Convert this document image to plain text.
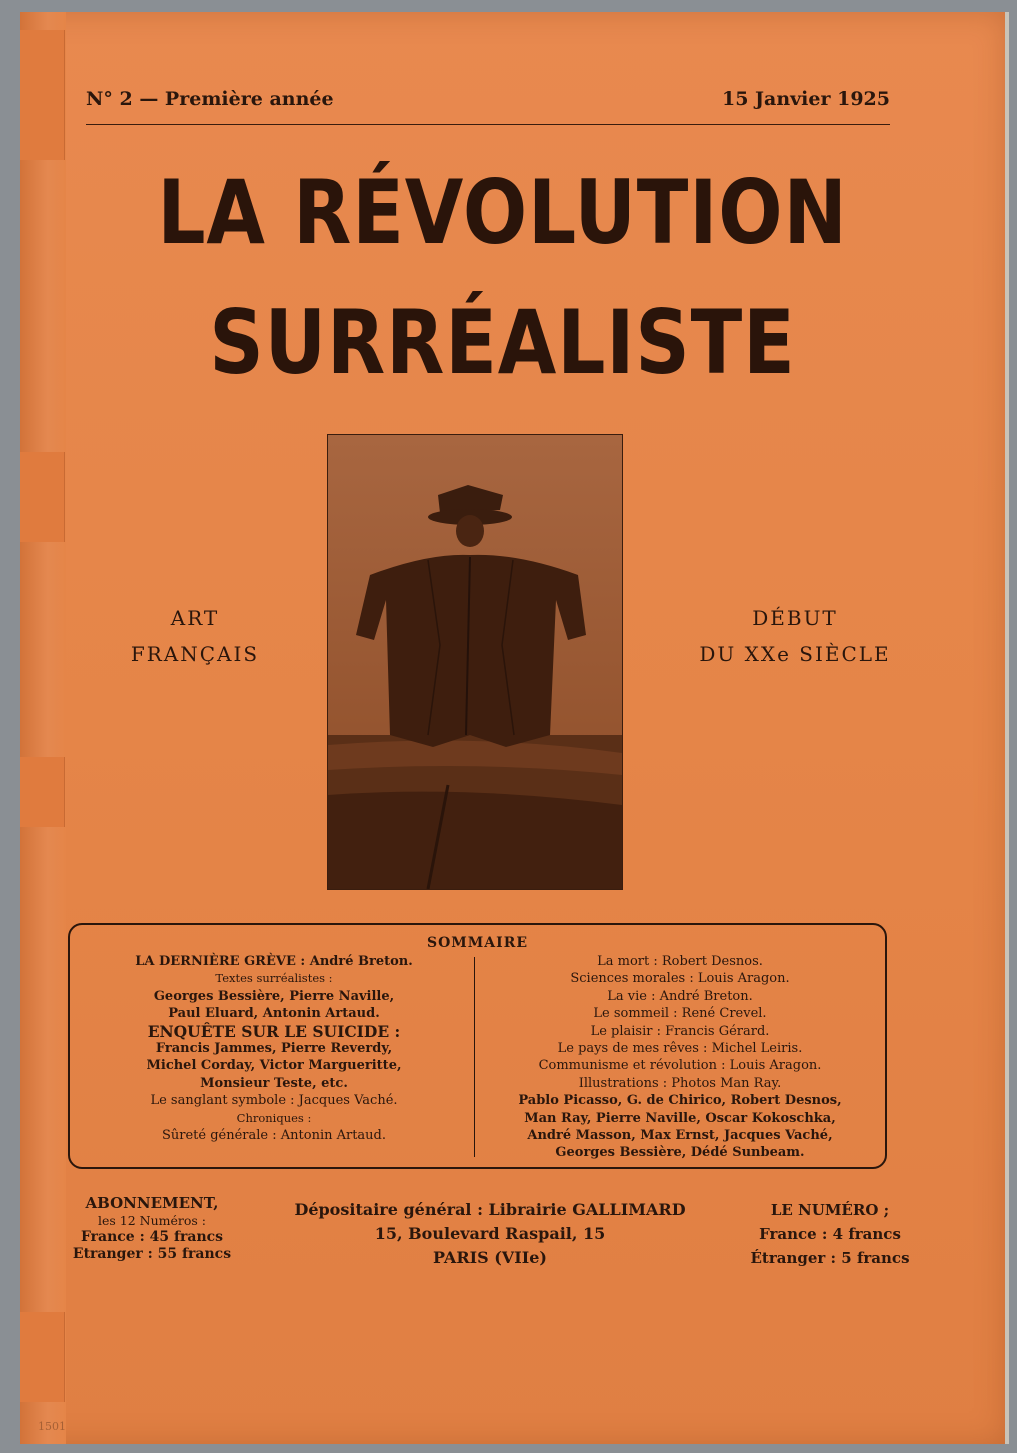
N° 2 — Première année	15 Janvier 1925
LA RÉVOLUTION
SURRÉALISTE
ART
FRANÇAIS
DÉBUT
DU XXe SIÈCLE
SOMMAIRE
LA DERNIÈRE GRÈVE : André Breton.
Textes surréalistes :
Georges Bessière, Pierre Naville,
Paul Eluard, Antonin Artaud.
ENQUÊTE SUR LE SUICIDE :
Francis Jammes, Pierre Reverdy,
Michel Corday, Victor Margueritte,
Monsieur Teste, etc.
Le sanglant symbole : Jacques Vaché.
Chroniques :
Sûreté générale : Antonin Artaud.
La mort : Robert Desnos.
Sciences morales : Louis Aragon.
La vie : André Breton.
Le sommeil : René Crevel.
Le plaisir : Francis Gérard.
Le pays de mes rêves : Michel Leiris.
Communisme et révolution : Louis Aragon.
Illustrations : Photos Man Ray.
Pablo Picasso, G. de Chirico, Robert Desnos,
Man Ray, Pierre Naville, Oscar Kokoschka,
André Masson, Max Ernst, Jacques Vaché,
Georges Bessière, Dédé Sunbeam.
ABONNEMENT,
les 12 Numéros :
France : 45 francs
Etranger : 55 francs
Dépositaire général : Librairie GALLIMARD
15, Boulevard Raspail, 15
PARIS (VIIe)
LE NUMÉRO ;
France : 4 francs
Étranger : 5 francs
1501
